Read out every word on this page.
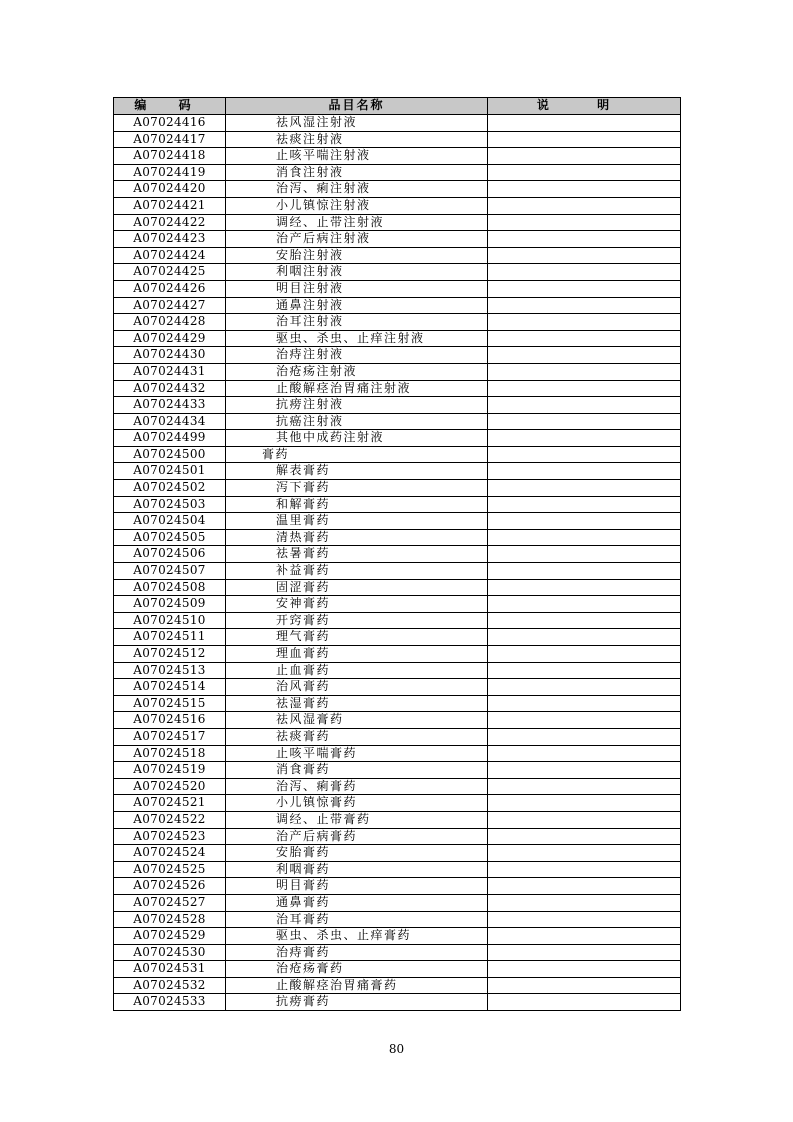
编 码	品目名称	说 明
A07024416	祛风湿注射液	
A07024417	祛痰注射液	
A07024418	止咳平喘注射液	
A07024419	消食注射液	
A07024420	治泻、痢注射液	
A07024421	小儿镇惊注射液	
A07024422	调经、止带注射液	
A07024423	治产后病注射液	
A07024424	安胎注射液	
A07024425	利咽注射液	
A07024426	明目注射液	
A07024427	通鼻注射液	
A07024428	治耳注射液	
A07024429	驱虫、杀虫、止痒注射液	
A07024430	治痔注射液	
A07024431	治疮疡注射液	
A07024432	止酸解痉治胃痛注射液	
A07024433	抗痨注射液	
A07024434	抗癌注射液	
A07024499	其他中成药注射液	
A07024500	膏药	
A07024501	解表膏药	
A07024502	泻下膏药	
A07024503	和解膏药	
A07024504	温里膏药	
A07024505	清热膏药	
A07024506	祛暑膏药	
A07024507	补益膏药	
A07024508	固涩膏药	
A07024509	安神膏药	
A07024510	开窍膏药	
A07024511	理气膏药	
A07024512	理血膏药	
A07024513	止血膏药	
A07024514	治风膏药	
A07024515	祛湿膏药	
A07024516	祛风湿膏药	
A07024517	祛痰膏药	
A07024518	止咳平喘膏药	
A07024519	消食膏药	
A07024520	治泻、痢膏药	
A07024521	小儿镇惊膏药	
A07024522	调经、止带膏药	
A07024523	治产后病膏药	
A07024524	安胎膏药	
A07024525	利咽膏药	
A07024526	明目膏药	
A07024527	通鼻膏药	
A07024528	治耳膏药	
A07024529	驱虫、杀虫、止痒膏药	
A07024530	治痔膏药	
A07024531	治疮疡膏药	
A07024532	止酸解痉治胃痛膏药	
A07024533	抗痨膏药	
80
